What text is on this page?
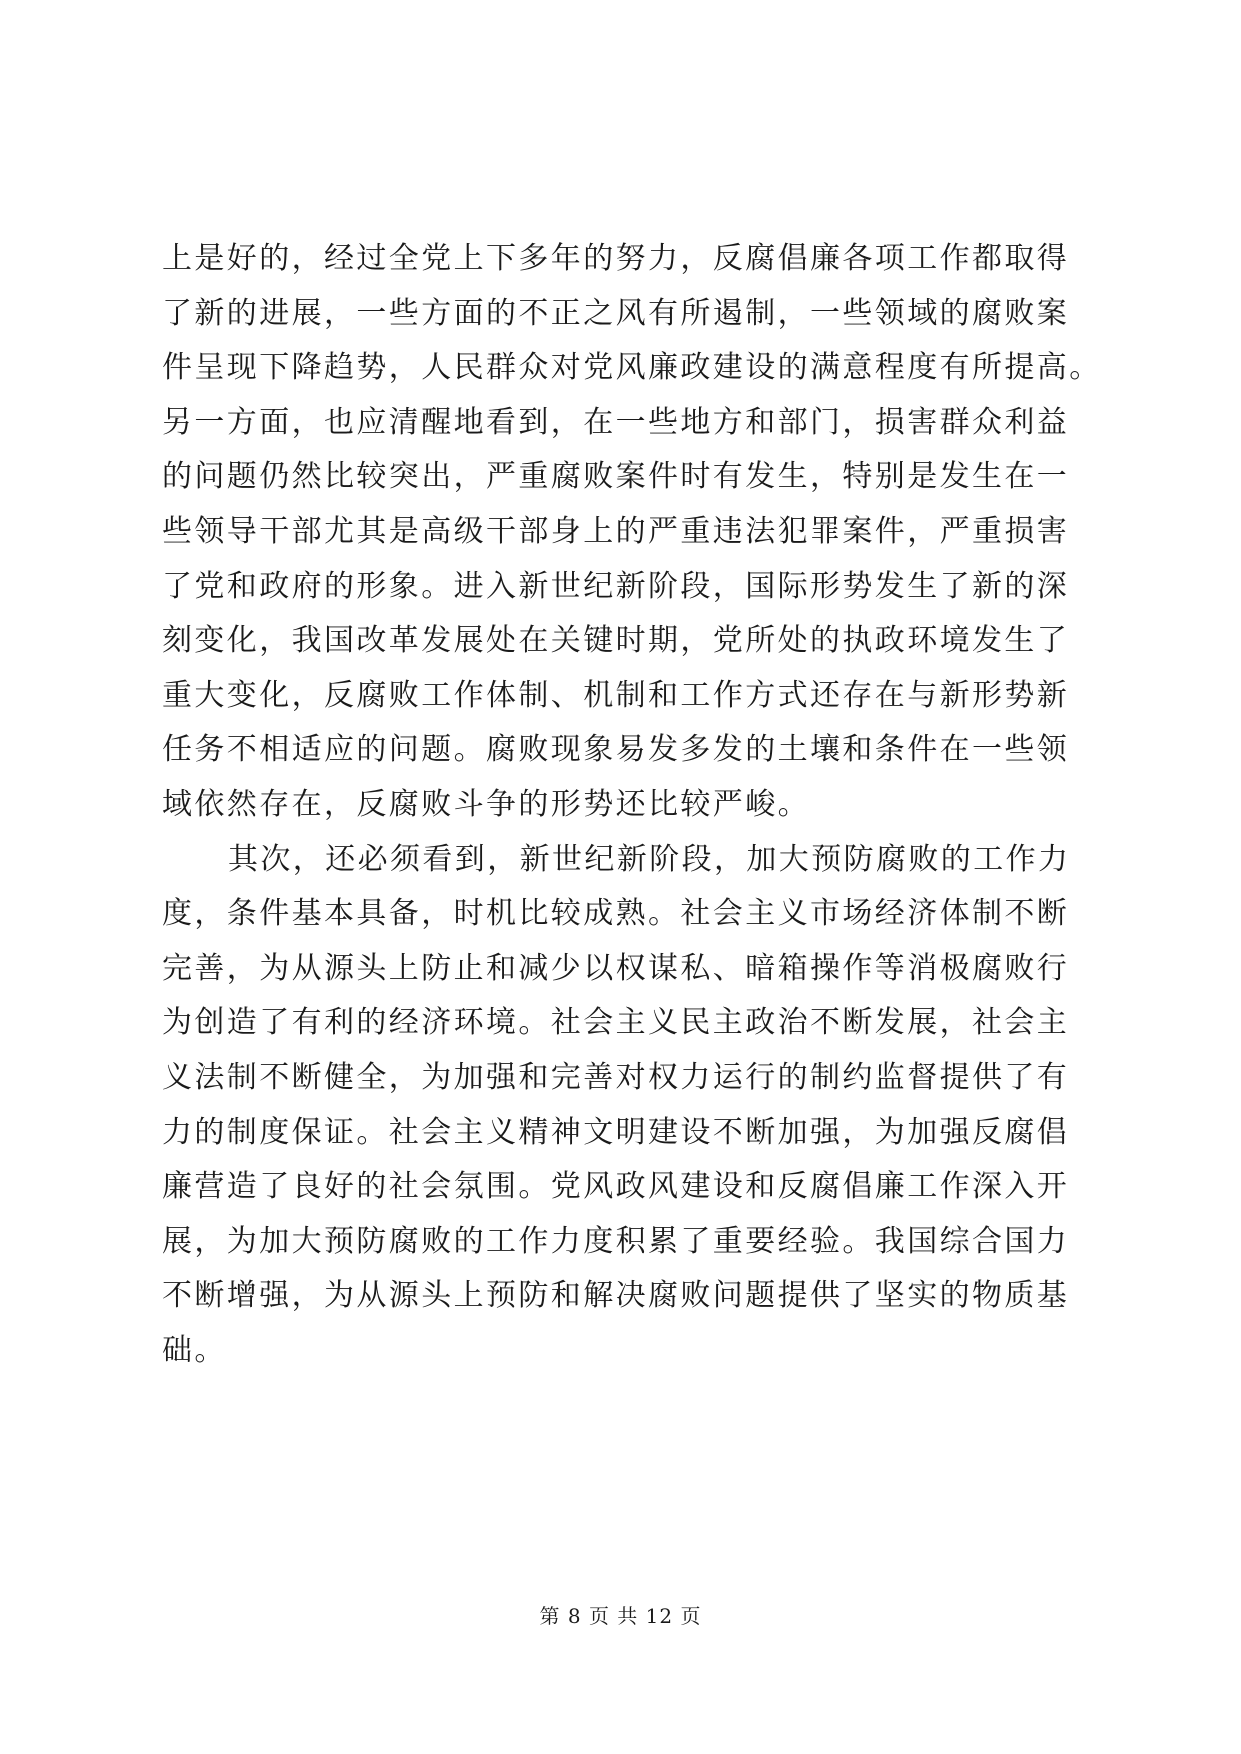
上是好的，经过全党上下多年的努力，反腐倡廉各项工作都取得
了新的进展，一些方面的不正之风有所遏制，一些领域的腐败案
件呈现下降趋势，人民群众对党风廉政建设的满意程度有所提高。
另一方面，也应清醒地看到，在一些地方和部门，损害群众利益
的问题仍然比较突出，严重腐败案件时有发生，特别是发生在一
些领导干部尤其是高级干部身上的严重违法犯罪案件，严重损害
了党和政府的形象。进入新世纪新阶段，国际形势发生了新的深
刻变化，我国改革发展处在关键时期，党所处的执政环境发生了
重大变化，反腐败工作体制、机制和工作方式还存在与新形势新
任务不相适应的问题。腐败现象易发多发的土壤和条件在一些领
域依然存在，反腐败斗争的形势还比较严峻。
其次，还必须看到，新世纪新阶段，加大预防腐败的工作力
度，条件基本具备，时机比较成熟。社会主义市场经济体制不断
完善，为从源头上防止和减少以权谋私、暗箱操作等消极腐败行
为创造了有利的经济环境。社会主义民主政治不断发展，社会主
义法制不断健全，为加强和完善对权力运行的制约监督提供了有
力的制度保证。社会主义精神文明建设不断加强，为加强反腐倡
廉营造了良好的社会氛围。党风政风建设和反腐倡廉工作深入开
展，为加大预防腐败的工作力度积累了重要经验。我国综合国力
不断增强，为从源头上预防和解决腐败问题提供了坚实的物质基
础。
第 8 页 共 12 页
